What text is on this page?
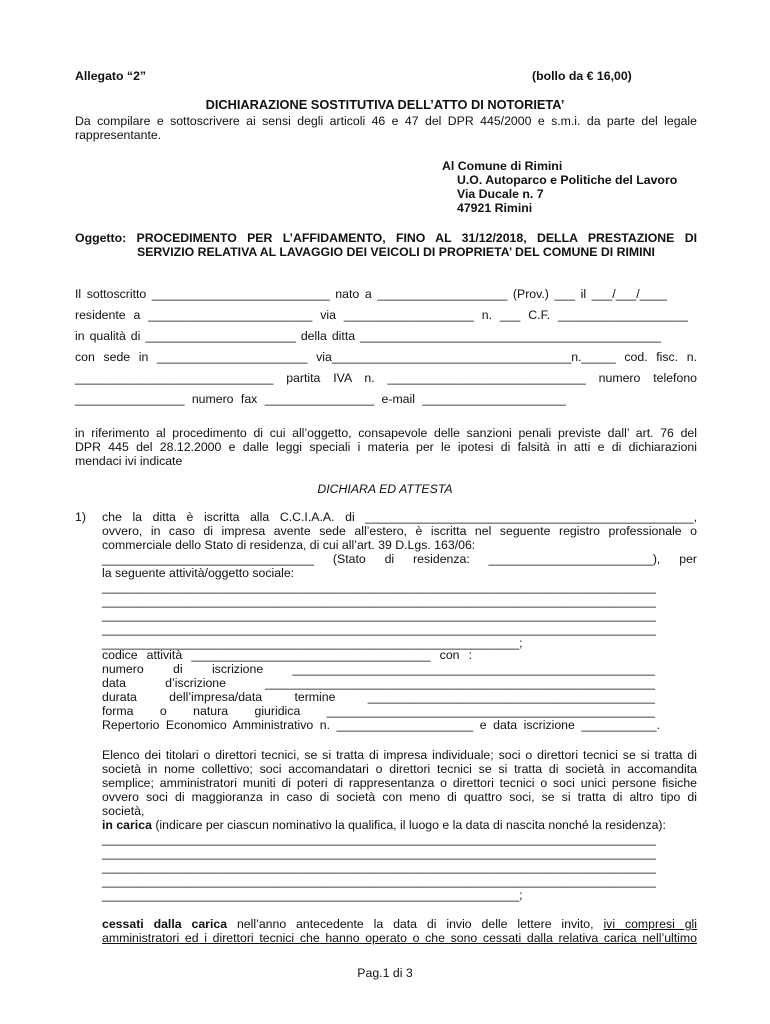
Allegato “2”	(bollo da € 16,00)
DICHIARAZIONE SOSTITUTIVA DELL’ATTO DI NOTORIETA’
Da compilare e sottoscrivere ai sensi degli articoli 46 e 47 del DPR 445/2000 e s.m.i. da parte del legale
rappresentante.
Al Comune di Rimini
U.O. Autoparco e Politiche del Lavoro
Via Ducale n. 7
47921 Rimini
Oggetto: PROCEDIMENTO PER L’AFFIDAMENTO, FINO AL 31/12/2018, DELLA PRESTAZIONE DI
SERVIZIO RELATIVA AL LAVAGGIO DEI VEICOLI DI PROPRIETA’ DEL COMUNE DI RIMINI
Il sottoscritto __________________________ nato a ___________________ (Prov.) ___ il ___/___/____
residente a ________________________ via ___________________ n. ___ C.F. ___________________
in qualità di ______________________ della ditta ____________________________________________
con sede in ______________________ via___________________________________n._____ cod. fisc. n.
_____________________________ partita IVA n. _____________________________ numero telefono
________________ numero fax ________________ e-mail _____________________
in riferimento al procedimento di cui all’oggetto, consapevole delle sanzioni penali previste dall’ art. 76 del
DPR 445 del 28.12.2000 e dalle leggi speciali i materia per le ipotesi di falsità in atti e di dichiarazioni
mendaci ivi indicate
DICHIARA ED ATTESTA
1) che la ditta è iscritta alla C.C.I.A.A. di ________________________________________________,
ovvero, in caso di impresa avente sede all’estero, è iscritta nel seguente registro professionale o
commerciale dello Stato di residenza, di cui all’art. 39 D.Lgs. 163/06:
_______________________________ (Stato di residenza: ________________________), per
la seguente attività/oggetto sociale:
_________________________________________________________________________________
_________________________________________________________________________________
_________________________________________________________________________________
_________________________________________________________________________________
_____________________________________________________________;
codice attività ___________________________________ con :
numero di iscrizione _____________________________________________________
data d’iscrizione _________________________________________________________
durata dell’impresa/data termine __________________________________________
forma o natura giuridica ________________________________________________
Repertorio Economico Amministrativo n. ____________________ e data iscrizione ___________.
Elenco dei titolari o direttori tecnici, se si tratta di impresa individuale; soci o direttori tecnici se si tratta di
società in nome collettivo; soci accomandatari o direttori tecnici se si tratta di società in accomandita
semplice; amministratori muniti di poteri di rappresentanza o direttori tecnici o soci unici persone fisiche
ovvero soci di maggioranza in caso di società con meno di quattro soci, se si tratta di altro tipo di
società,
in carica (indicare per ciascun nominativo la qualifica, il luogo e la data di nascita nonché la residenza):
_________________________________________________________________________________
_________________________________________________________________________________
_________________________________________________________________________________
_________________________________________________________________________________
_____________________________________________________________;
cessati dalla carica nell’anno antecedente la data di invio delle lettere invito, ivi compresi gli
amministratori ed i direttori tecnici che hanno operato o che sono cessati dalla relativa carica nell’ultimo
Pag.1 di 3
